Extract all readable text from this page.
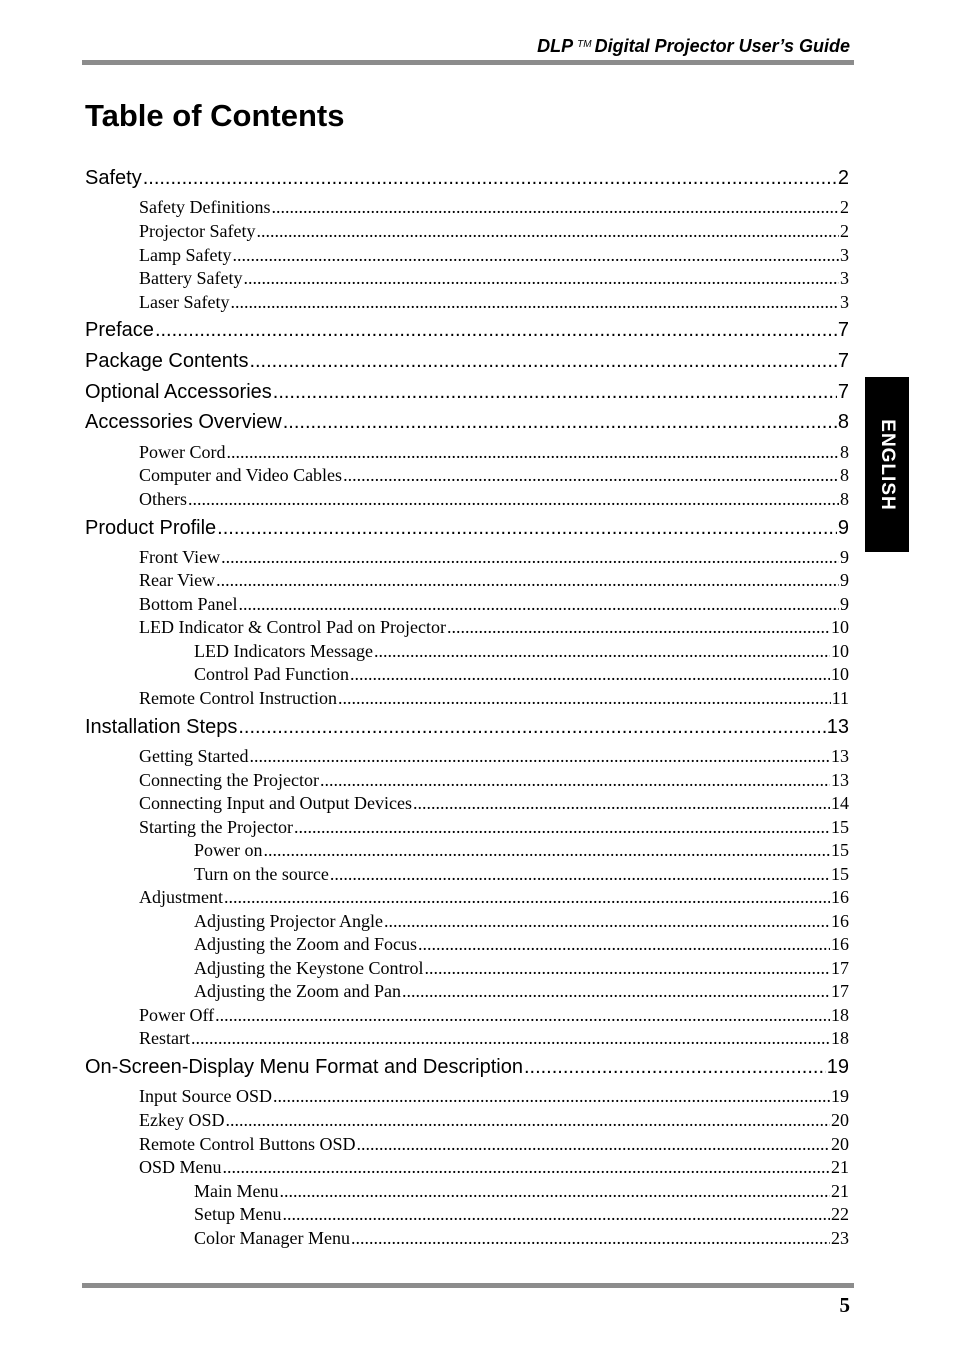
DLP ™ Digital Projector User’s Guide
Table of Contents
ENGLISH
Safety .....	2
Safety Definitions .....	2
Projector Safety .....	2
Lamp Safety .....	3
Battery Safety .....	3
Laser Safety .....	3
Preface .....	7
Package Contents .....	7
Optional Accessories .....	7
Accessories Overview .....	8
Power Cord .....	8
Computer and Video Cables .....	8
Others .....	8
Product Profile .....	9
Front View .....	9
Rear View .....	9
Bottom Panel .....	9
LED Indicator & Control Pad on Projector .....	10
LED Indicators Message .....	10
Control Pad Function .....	10
Remote Control Instruction .....	11
Installation Steps .....	13
Getting Started .....	13
Connecting the Projector .....	13
Connecting Input and Output Devices .....	14
Starting the Projector .....	15
Power on .....	15
Turn on the source .....	15
Adjustment .....	16
Adjusting Projector Angle .....	16
Adjusting the Zoom and Focus .....	16
Adjusting the Keystone Control .....	17
Adjusting the Zoom and Pan .....	17
Power Off .....	18
Restart .....	18
On-Screen-Display Menu Format and Description .....	19
Input Source OSD .....	19
Ezkey OSD .....	20
Remote Control Buttons OSD .....	20
OSD Menu .....	21
Main Menu .....	21
Setup Menu .....	22
Color Manager Menu .....	23
5
